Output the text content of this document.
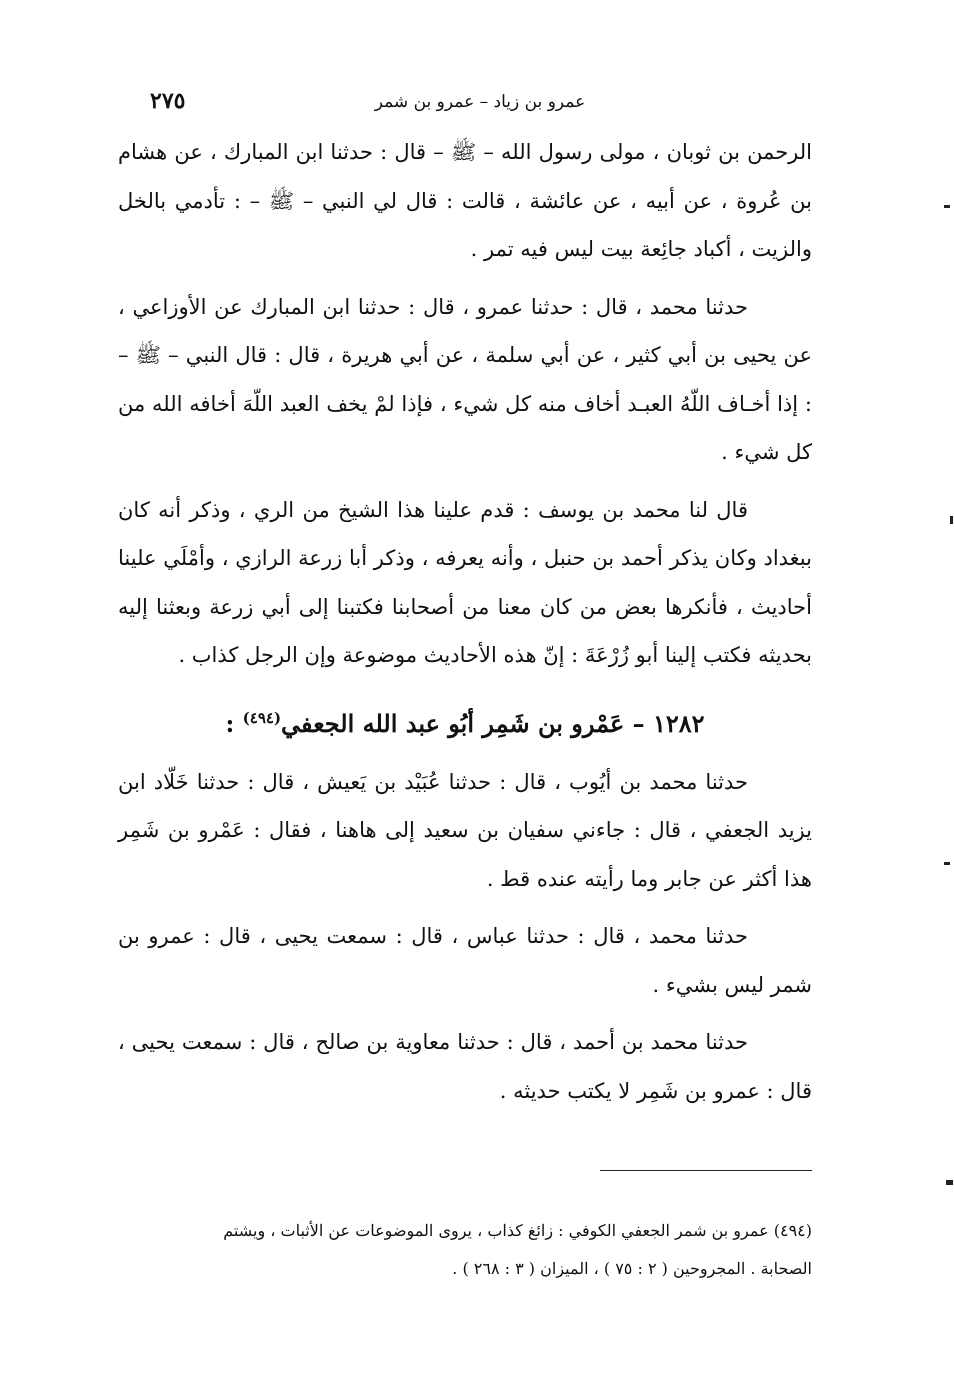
٢٧٥	عمرو بن زياد – عمرو بن شمر

الرحمن بن ثوبان ، مولى رسول الله – ﷺ – قال : حدثنا ابن المبارك ، عن هشام بن عُروة ، عن أبيه ، عن عائشة ، قالت : قال لي النبي – ﷺ – : تأدمي بالخل والزيت ، أكباد جائِعة بيت ليس فيه تمر .

حدثنا محمد ، قال : حدثنا عمرو ، قال : حدثنا ابن المبارك عن الأوزاعي ، عن يحيى بن أبي كثير ، عن أبي سلمة ، عن أبي هريرة ، قال : قال النبي – ﷺ – : إذا أخـاف اللّهُ العبـد أخاف منه كل شيء ، فإذا لمْ يخف العبد اللّهَ أخافه الله من كل شيء .

قال لنا محمد بن يوسف : قدم علينا هذا الشيخ من الري ، وذكر أنه كان ببغداد وكان يذكر أحمد بن حنبل ، وأنه يعرفه ، وذكر أبا زرعة الرازي ، وأمْلَي علينا أحاديث ، فأنكرها بعض من كان معنا من أصحابنا فكتبنا إلى أبي زرعة وبعثنا إليه بحديثه فكتب إلينا أبو زُرْعَةَ : إنّ هذه الأحاديث موضوعة وإن الرجل كذاب .

١٢٨٢ – عَمْرو بن شَمِر أبُو عبد الله الجعفي$^{(٤٩٤)}$ :

حدثنا محمد بن أيُوب ، قال : حدثنا عُبَيْد بن يَعيش ، قال : حدثنا خَلّاد ابن يزيد الجعفي ، قال : جاءني سفيان بن سعيد إلى هاهنا ، فقال : عَمْرو بن شَمِر هذا أكثر عن جابر وما رأيته عنده قط .

حدثنا محمد ، قال : حدثنا عباس ، قال : سمعت يحيى ، قال : عمرو بن شمر ليس بشيء .

حدثنا محمد بن أحمد ، قال : حدثنا معاوية بن صالح ، قال : سمعت يحيى ، قال : عمرو بن شَمِر لا يكتب حديثه .

(٤٩٤) عمرو بن شمر الجعفي الكوفي : زائغ كذاب ، يروى الموضوعات عن الأثبات ، ويشتم

الصحابة . المجروحين ( ٢ : ٧٥ ) ، الميزان ( ٣ : ٢٦٨ ) .
